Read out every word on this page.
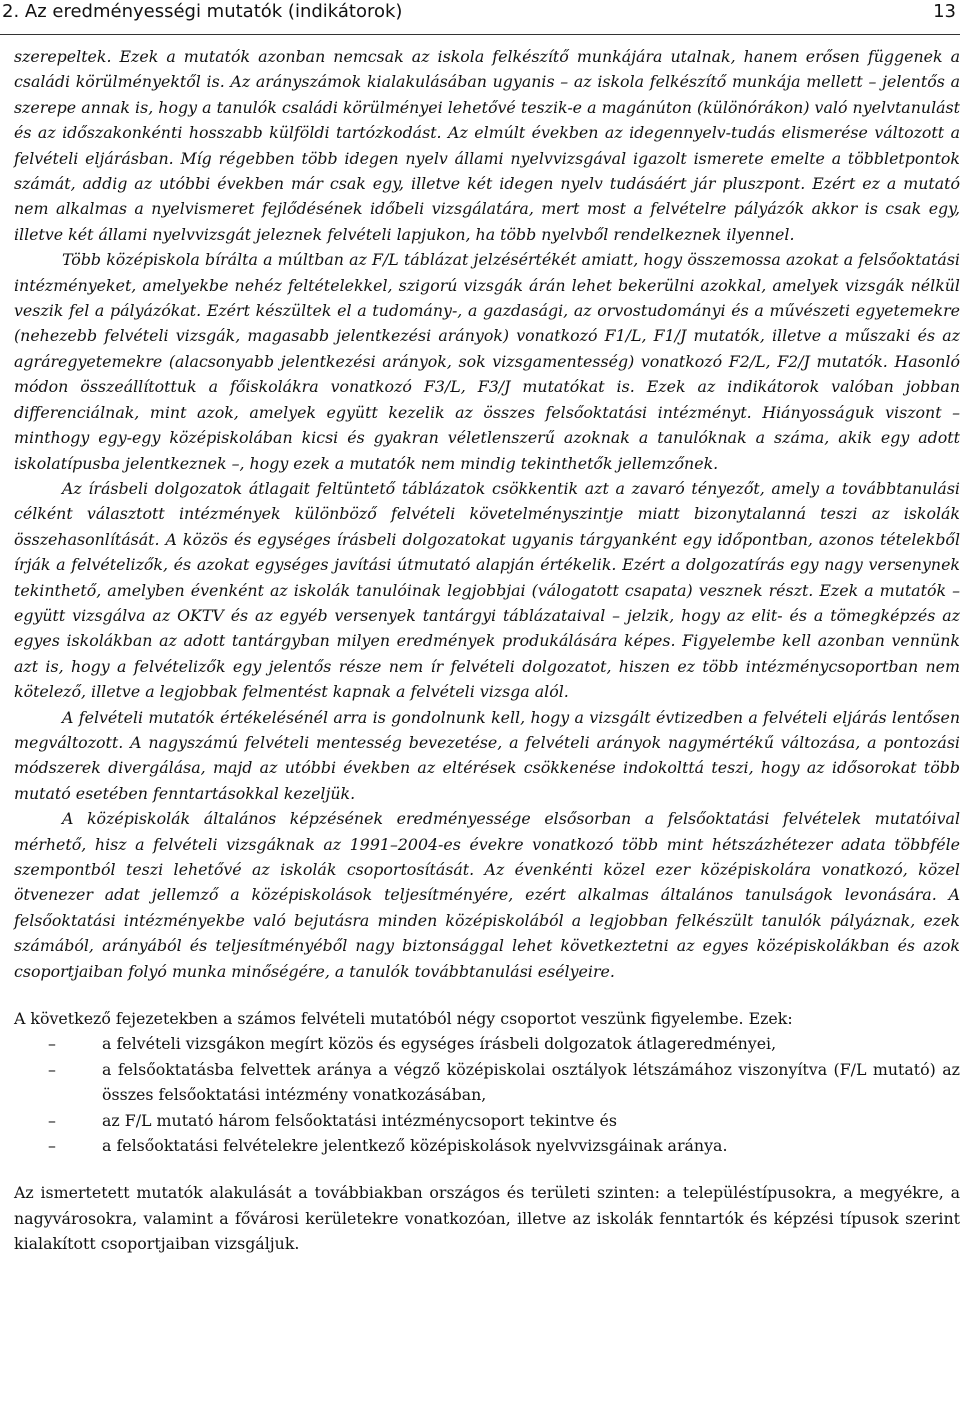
2. Az eredményességi mutatók (indikátorok)	13

szerepeltek. Ezek a mutatók azonban nemcsak az iskola felkészítő munkájára utalnak, hanem erősen függenek a családi körülményektől is. Az arányszámok kialakulásában ugyanis – az iskola felkészítő munkája mellett – jelentős a szerepe annak is, hogy a tanulók családi körülményei lehetővé teszik-e a magánúton (különórákon) való nyelvtanulást és az időszakonkénti hosszabb külföldi tartózkodást. Az elmúlt években az idegennyelv-tudás elismerése változott a felvételi eljárásban. Míg régebben több idegen nyelv állami nyelvvizsgával igazolt ismerete emelte a többletpontok számát, addig az utóbbi években már csak egy, illetve két idegen nyelv tudásáért jár pluszpont. Ezért ez a mutató nem alkalmas a nyelvismeret fejlődésének időbeli vizsgálatára, mert most a felvételre pályázók akkor is csak egy, illetve két állami nyelvvizsgát jeleznek felvételi lapjukon, ha több nyelvből rendelkeznek ilyennel.

Több középiskola bírálta a múltban az F/L táblázat jelzésértékét amiatt, hogy összemossa azokat a felsőoktatási intézményeket, amelyekbe nehéz feltételekkel, szigorú vizsgák árán lehet bekerülni azokkal, amelyek vizsgák nélkül veszik fel a pályázókat. Ezért készültek el a tudomány-, a gazdasági, az orvostudományi és a művészeti egyetemekre (nehezebb felvételi vizsgák, magasabb jelentkezési arányok) vonatkozó F1/L, F1/J mutatók, illetve a műszaki és az agráregyetemekre (alacsonyabb jelentkezési arányok, sok vizsgamentesség) vonatkozó F2/L, F2/J mutatók. Hasonló módon összeállítottuk a főiskolákra vonatkozó F3/L, F3/J mutatókat is. Ezek az indikátorok valóban jobban differenciálnak, mint azok, amelyek együtt kezelik az összes felsőoktatási intézményt. Hiányosságuk viszont – minthogy egy-egy középiskolában kicsi és gyakran véletlenszerű azoknak a tanulóknak a száma, akik egy adott iskolatípusba jelentkeznek –, hogy ezek a mutatók nem mindig tekinthetők jellemzőnek.

Az írásbeli dolgozatok átlagait feltüntető táblázatok csökkentik azt a zavaró tényezőt, amely a továbbtanulási célként választott intézmények különböző felvételi követelményszintje miatt bizonytalanná teszi az iskolák összehasonlítását. A közös és egységes írásbeli dolgozatokat ugyanis tárgyanként egy időpontban, azonos tételekből írják a felvételizők, és azokat egységes javítási útmutató alapján értékelik. Ezért a dolgozatírás egy nagy versenynek tekinthető, amelyben évenként az iskolák tanulóinak legjobbjai (válogatott csapata) vesznek részt. Ezek a mutatók – együtt vizsgálva az OKTV és az egyéb versenyek tantárgyi táblázataival – jelzik, hogy az elit- és a tömegképzés az egyes iskolákban az adott tantárgyban milyen eredmények produkálására képes. Figyelembe kell azonban vennünk azt is, hogy a felvételizők egy jelentős része nem ír felvételi dolgozatot, hiszen ez több intézménycsoportban nem kötelező, illetve a legjobbak felmentést kapnak a felvételi vizsga alól.

A felvételi mutatók értékelésénél arra is gondolnunk kell, hogy a vizsgált évtizedben a felvételi eljárás lentősen megváltozott. A nagyszámú felvételi mentesség bevezetése, a felvételi arányok nagymértékű változása, a pontozási módszerek divergálása, majd az utóbbi években az eltérések csökkenése indokolttá teszi, hogy az idősorokat több mutató esetében fenntartásokkal kezeljük.

A középiskolák általános képzésének eredményessége elsősorban a felsőoktatási felvételek mutatóival mérhető, hisz a felvételi vizsgáknak az 1991–2004-es évekre vonatkozó több mint hétszázhétezer adata többféle szempontból teszi lehetővé az iskolák csoportosítását. Az évenkénti közel ezer középiskolára vonatkozó, közel ötvenezer adat jellemző a középiskolások teljesítményére, ezért alkalmas általános tanulságok levonására. A felsőoktatási intézményekbe való bejutásra minden középiskolából a legjobban felkészült tanulók pályáznak, ezek számából, arányából és teljesítményéből nagy biztonsággal lehet következtetni az egyes középiskolákban és azok csoportjaiban folyó munka minőségére, a tanulók továbbtanulási esélyeire.

A következő fejezetekben a számos felvételi mutatóból négy csoportot veszünk figyelembe. Ezek:

– a felvételi vizsgákon megírt közös és egységes írásbeli dolgozatok átlageredményei,
– a felsőoktatásba felvettek aránya a végző középiskolai osztályok létszámához viszonyítva (F/L mutató) az összes felsőoktatási intézmény vonatkozásában,
– az F/L mutató három felsőoktatási intézménycsoport tekintve és
– a felsőoktatási felvételekre jelentkező középiskolások nyelvvizsgáinak aránya.

Az ismertetett mutatók alakulását a továbbiakban országos és területi szinten: a településtípusokra, a megyékre, a nagyvárosokra, valamint a fővárosi kerületekre vonatkozóan, illetve az iskolák fenntartók és képzési típusok szerint kialakított csoportjaiban vizsgáljuk.
